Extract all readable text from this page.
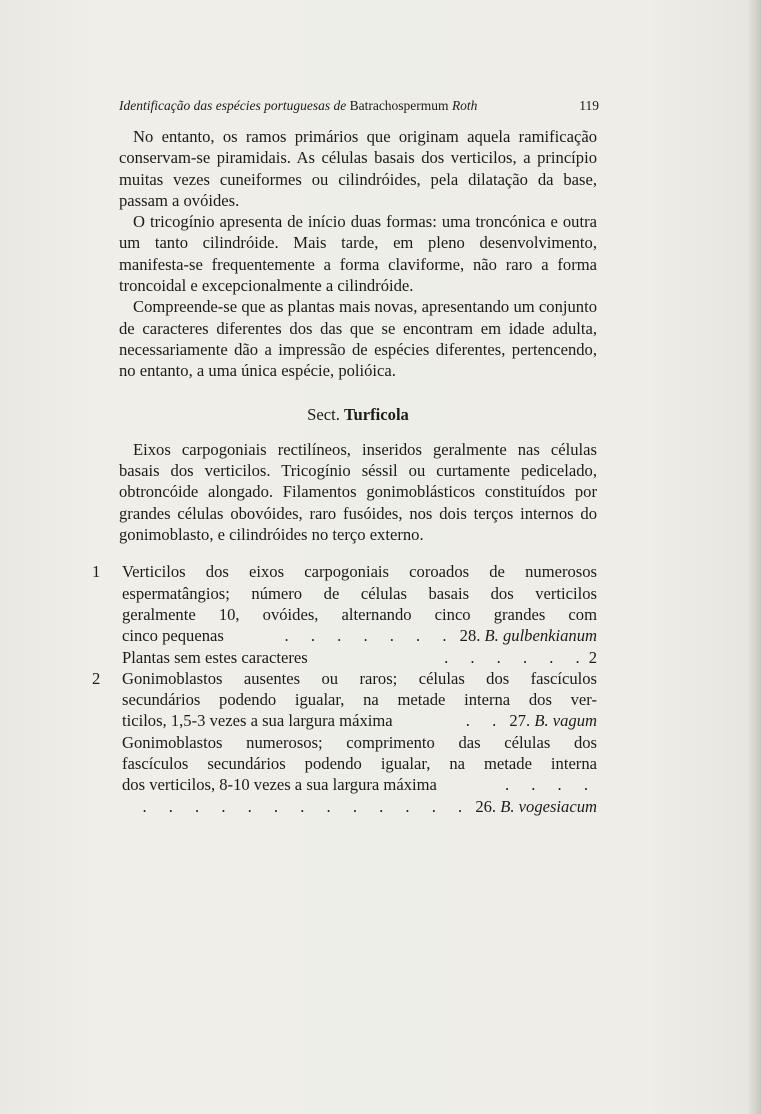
Identificação das espécies portuguesas de Batrachospermum Roth	119

No entanto, os ramos primários que originam aquela ramificação conservam-se piramidais. As células basais dos verticilos, a princípio muitas vezes cuneiformes ou cilindróides, pela dilatação da base, passam a ovóides.

O tricogínio apresenta de início duas formas: uma troncónica e outra um tanto cilindróide. Mais tarde, em pleno desenvolvimento, manifesta-se frequentemente a forma claviforme, não raro a forma troncoidal e excepcionalmente a cilindróide.

Compreende-se que as plantas mais novas, apresentando um conjunto de caracteres diferentes dos das que se encontram em idade adulta, necessariamente dão a impressão de espécies diferentes, pertencendo, no entanto, a uma única espécie, polióica.

Sect. Turficola

Eixos carpogoniais rectilíneos, inseridos geralmente nas células basais dos verticilos. Tricogínio séssil ou curtamente pedicelado, obtroncóide alongado. Filamentos gonimoblásticos constituídos por grandes células obovóides, raro fusóides, nos dois terços internos do gonimoblasto, e cilindróides no terço externo.

1 Verticilos dos eixos carpogoniais coroados de numerosos
espermatângios; número de células basais dos verticilos
geralmente 10, ovóides, alternando cinco grandes com
cinco pequenas	. . . . . . . 28. B. gulbenkianum
Plantas sem estes caracteres	. . . . . . 2
2 Gonimoblastos ausentes ou raros; células dos fascículos
secundários podendo igualar, na metade interna dos ver-
ticilos, 1,5-3 vezes a sua largura máxima	. . 27. B. vagum
Gonimoblastos numerosos; comprimento das células dos
fascículos secundários podendo igualar, na metade interna
dos verticilos, 8-10 vezes a sua largura máxima	. . . .
. . . . . . . . . . . . . 26. B. vogesiacum
